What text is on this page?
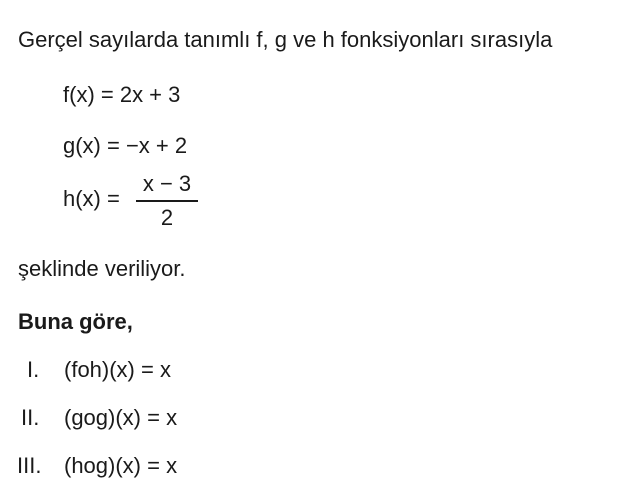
Gerçel sayılarda tanımlı f, g ve h fonksiyonları sırasıyla
f(x) = 2x + 3
g(x) = −x + 2
h(x) =
x − 3
2
şeklinde veriliyor.
Buna göre,
I. (foh)(x) = x
II. (gog)(x) = x
III. (hog)(x) = x
